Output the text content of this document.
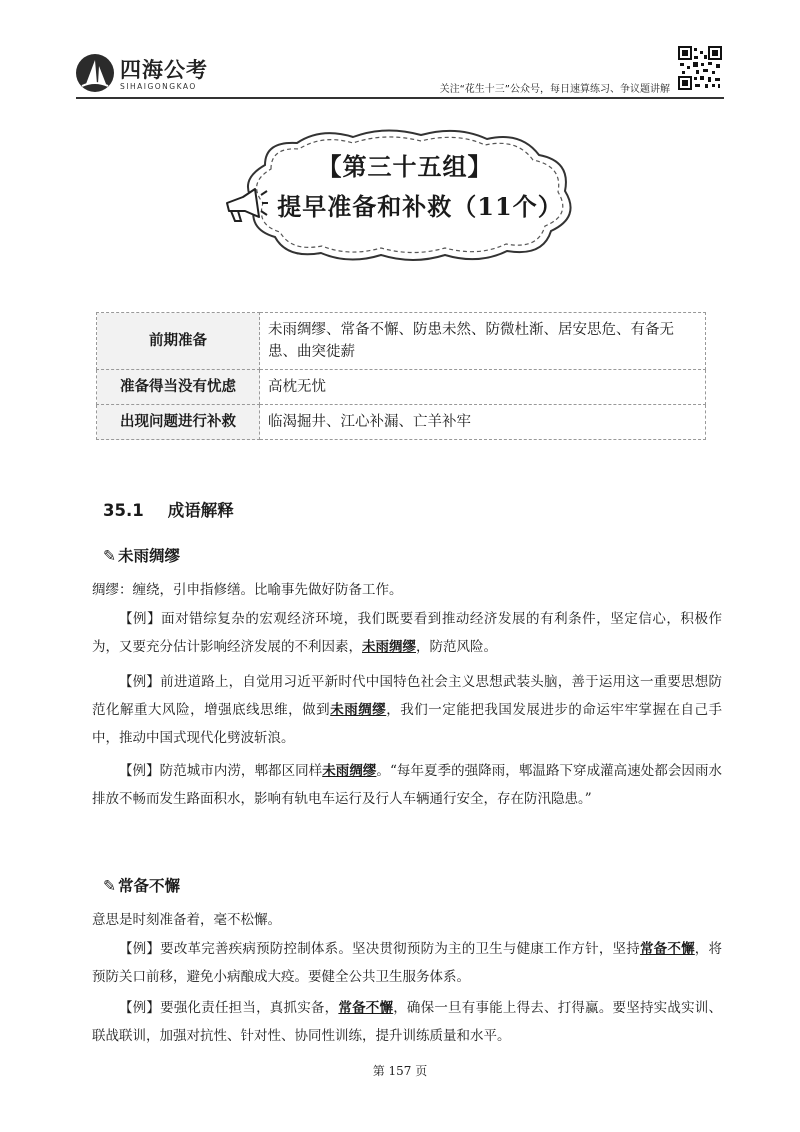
四海公考
SIHAIGONGKAO	关注“花生十三”公众号，每日速算练习、争议题讲解
【第三十五组】
提早准备和补救（11个）
前期准备	未雨绸缪、常备不懈、防患未然、防微杜渐、居安思危、有备无患、曲突徙薪
准备得当没有忧虑	高枕无忧
出现问题进行补救	临渴掘井、江心补漏、亡羊补牢
35.1 成语解释
✎ 未雨绸缪
绸缪：缠绕，引申指修缮。比喻事先做好防备工作。
【例】面对错综复杂的宏观经济环境，我们既要看到推动经济发展的有利条件，坚定信心，积极作为，又要充分估计影响经济发展的不利因素，未雨绸缪，防范风险。
【例】前进道路上，自觉用习近平新时代中国特色社会主义思想武装头脑，善于运用这一重要思想防范化解重大风险，增强底线思维，做到未雨绸缪，我们一定能把我国发展进步的命运牢牢掌握在自己手中，推动中国式现代化劈波斩浪。
【例】防范城市内涝，郫都区同样未雨绸缪。“每年夏季的强降雨，郫温路下穿成灌高速处都会因雨水排放不畅而发生路面积水，影响有轨电车运行及行人车辆通行安全，存在防汛隐患。”
✎ 常备不懈
意思是时刻准备着，毫不松懈。
【例】要改革完善疾病预防控制体系。坚决贯彻预防为主的卫生与健康工作方针，坚持常备不懈，将预防关口前移，避免小病酿成大疫。要健全公共卫生服务体系。
【例】要强化责任担当，真抓实备，常备不懈，确保一旦有事能上得去、打得赢。要坚持实战实训、联战联训，加强对抗性、针对性、协同性训练，提升训练质量和水平。
第 157 页
